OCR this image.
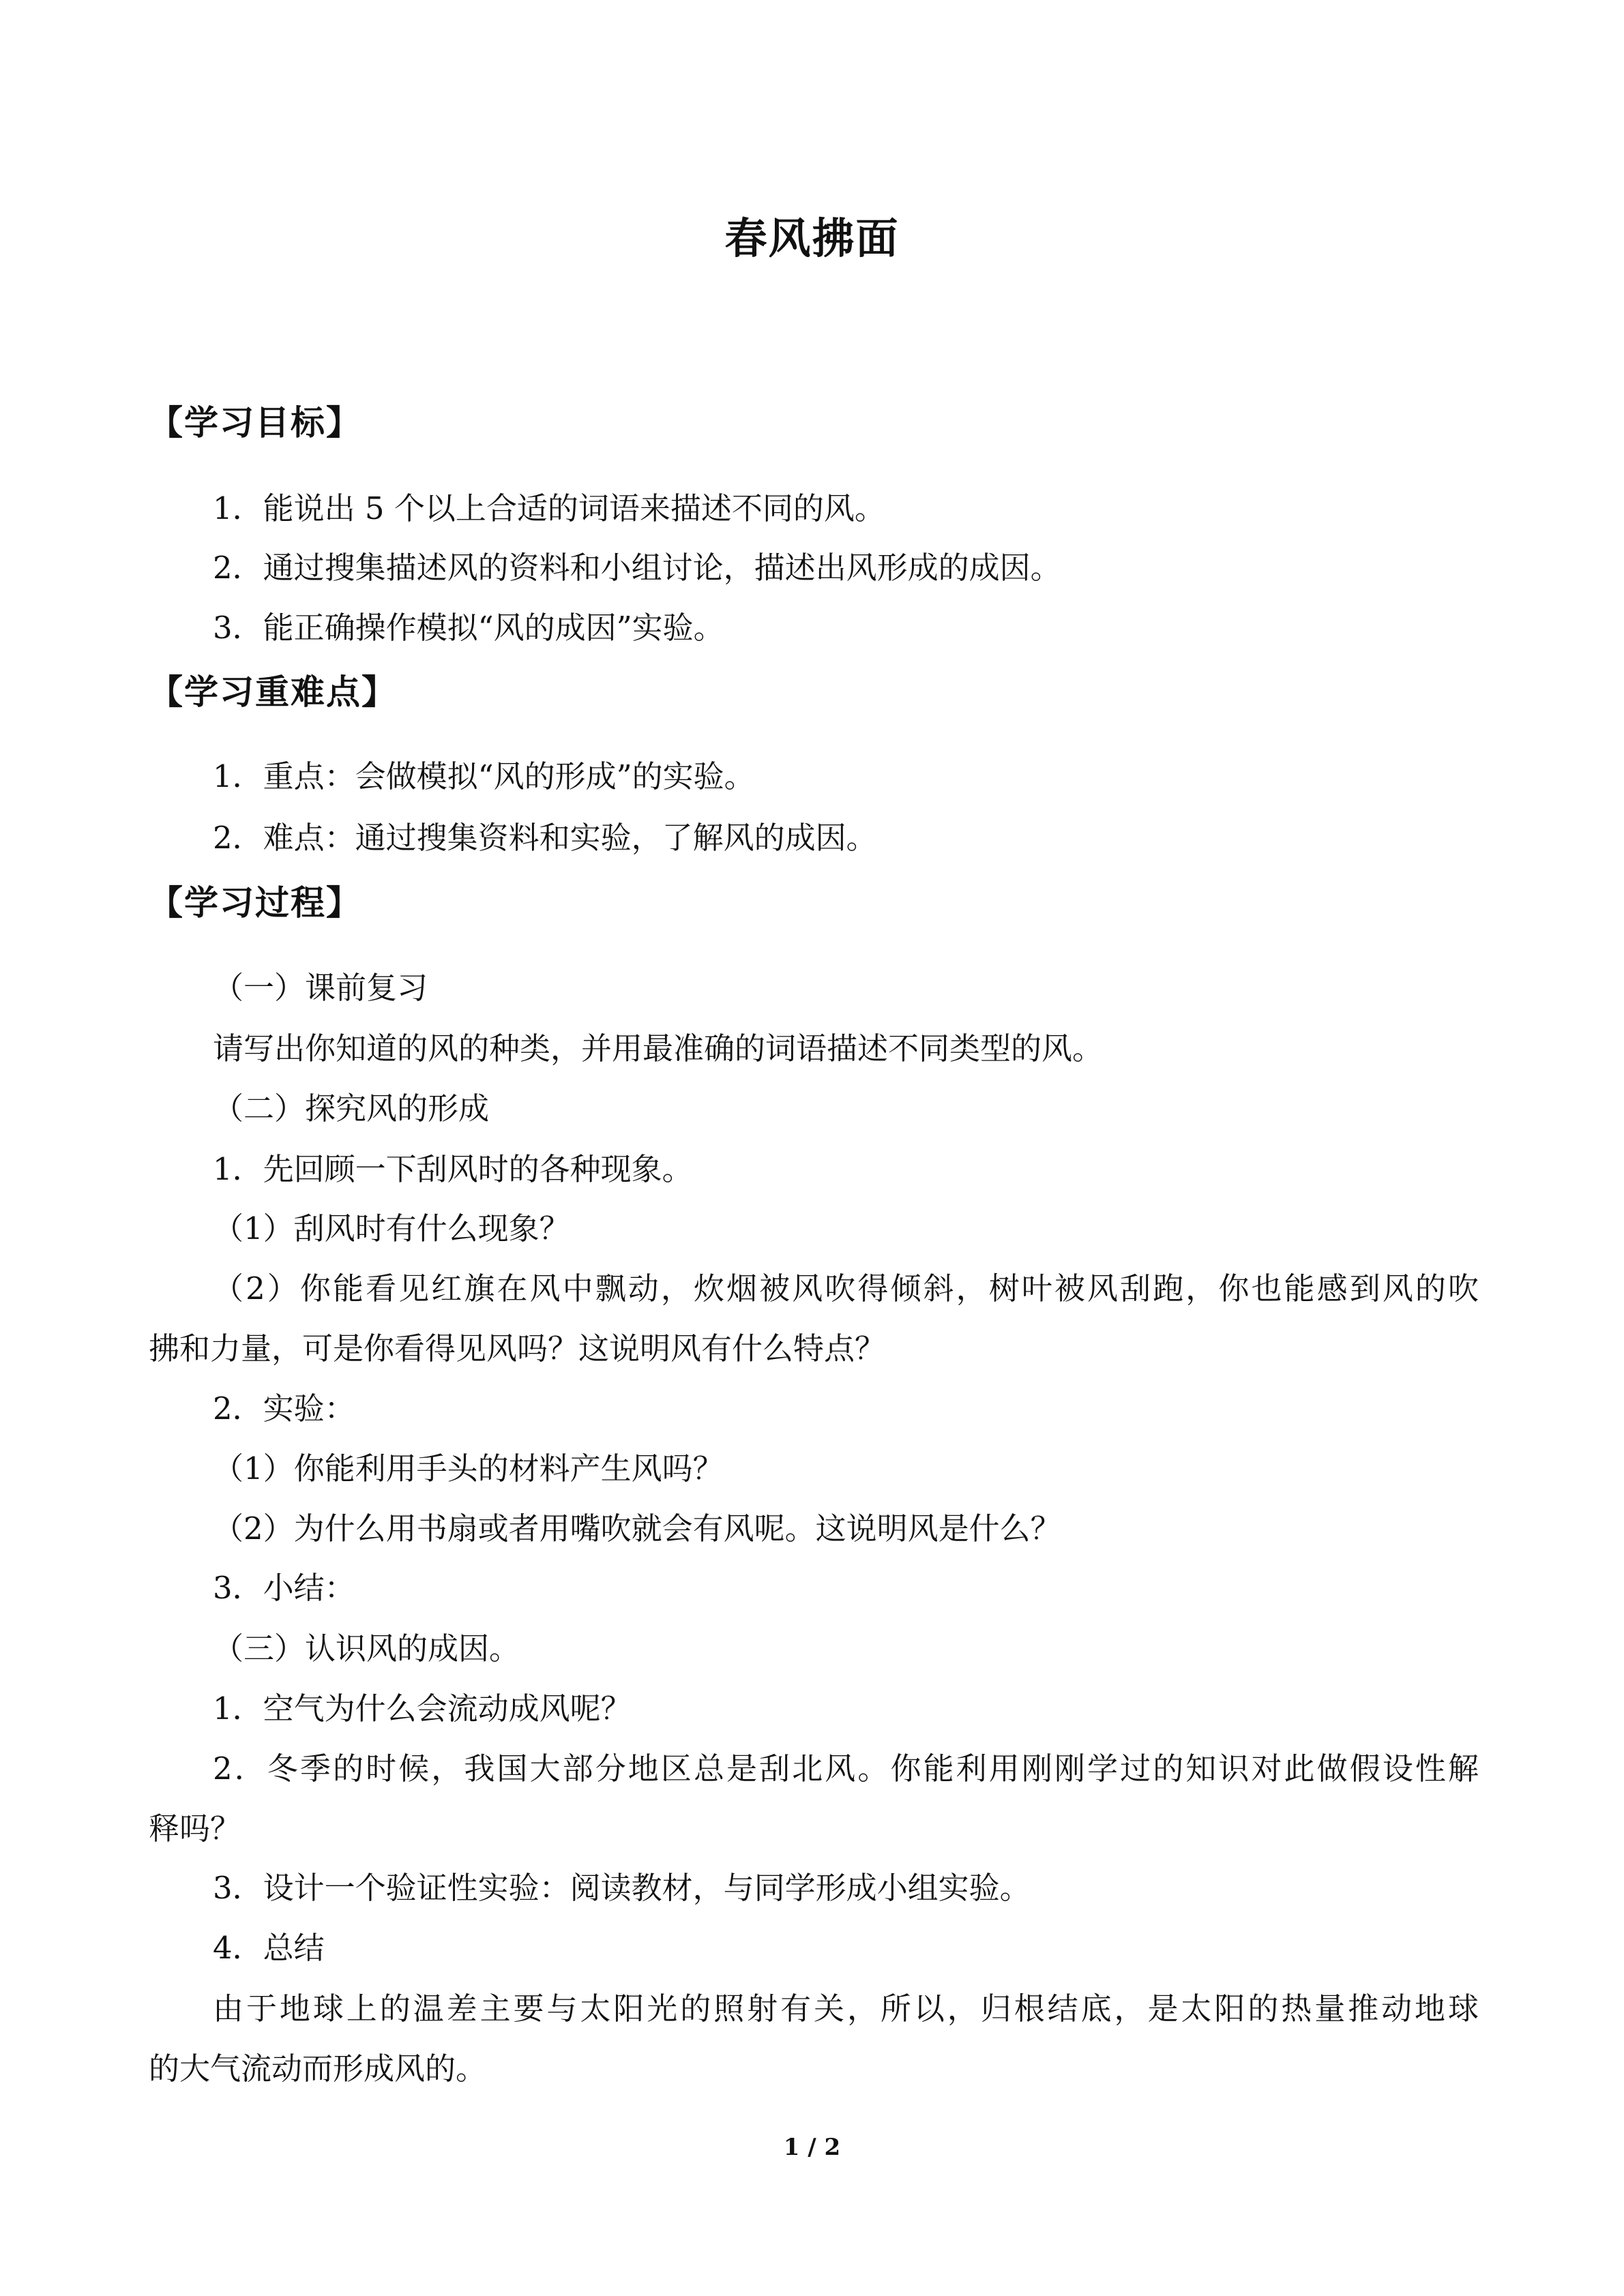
春风拂面
【学习目标】
1．能说出 5 个以上合适的词语来描述不同的风。
2．通过搜集描述风的资料和小组讨论，描述出风形成的成因。
3．能正确操作模拟“风的成因”实验。
【学习重难点】
1．重点：会做模拟“风的形成”的实验。
2．难点：通过搜集资料和实验，了解风的成因。
【学习过程】
（一）课前复习
请写出你知道的风的种类，并用最准确的词语描述不同类型的风。
（二）探究风的形成
1．先回顾一下刮风时的各种现象。
（1）刮风时有什么现象？
（2）你能看见红旗在风中飘动，炊烟被风吹得倾斜，树叶被风刮跑，你也能感到风的吹
拂和力量，可是你看得见风吗？这说明风有什么特点？
2．实验：
（1）你能利用手头的材料产生风吗？
（2）为什么用书扇或者用嘴吹就会有风呢。这说明风是什么？
3．小结：
（三）认识风的成因。
1．空气为什么会流动成风呢？
2．冬季的时候，我国大部分地区总是刮北风。你能利用刚刚学过的知识对此做假设性解
释吗？
3．设计一个验证性实验：阅读教材，与同学形成小组实验。
4．总结
由于地球上的温差主要与太阳光的照射有关，所以，归根结底，是太阳的热量推动地球
的大气流动而形成风的。
1 / 2
